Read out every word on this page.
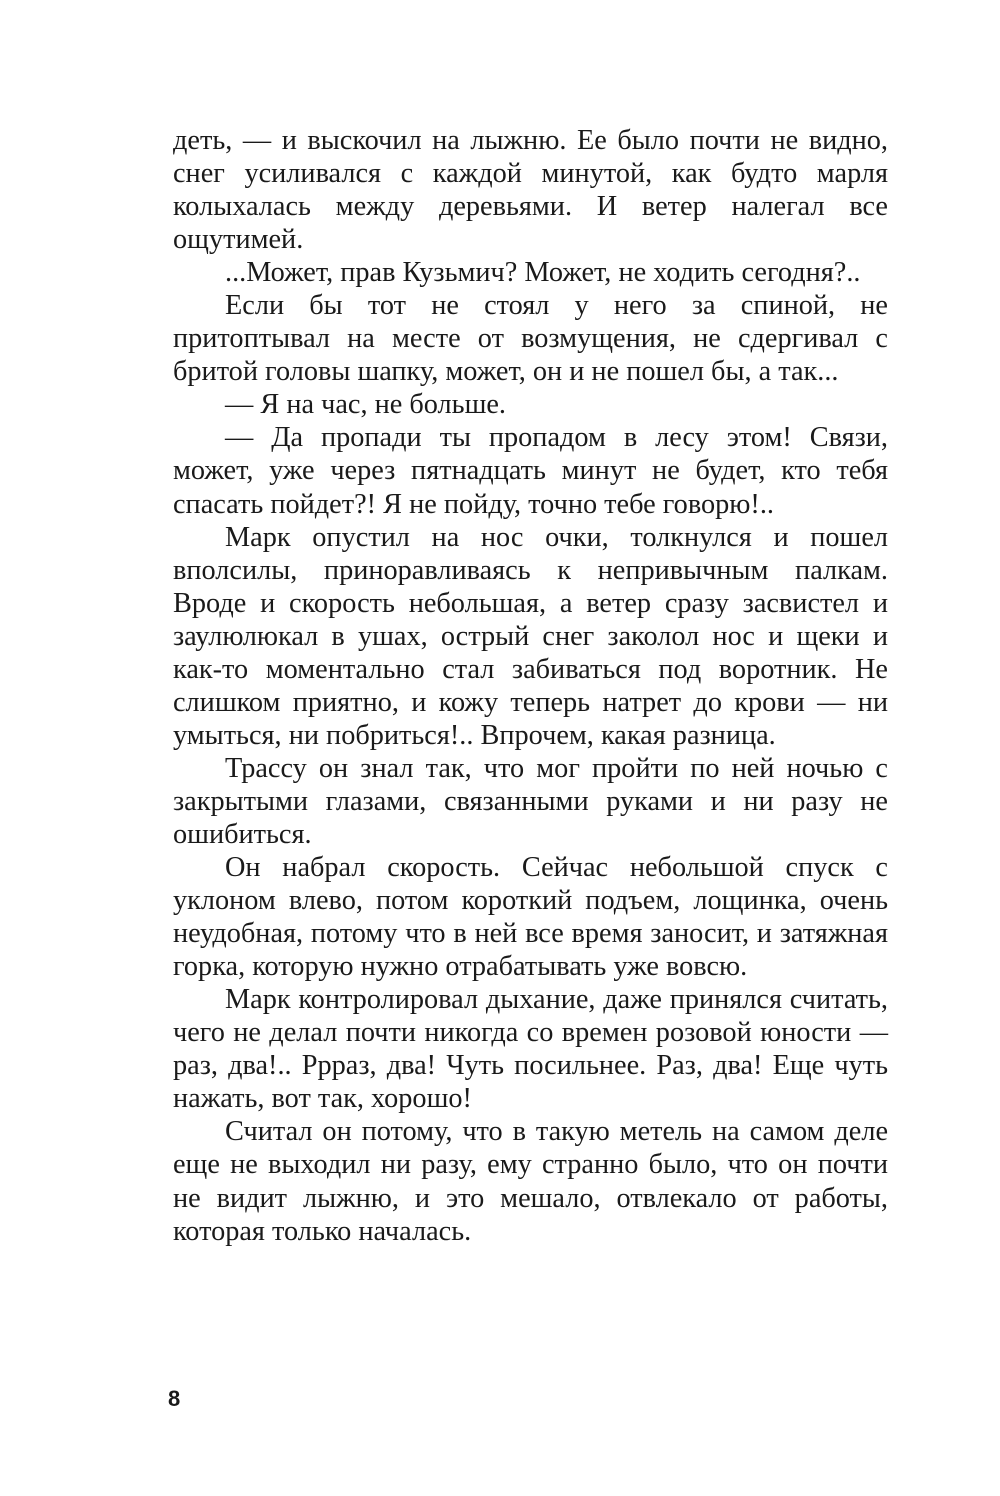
деть, — и выскочил на лыжню. Ее было почти не видно, снег усиливался с каждой минутой, как будто марля колыхалась между деревьями. И ветер налегал все ощутимей.

...Может, прав Кузьмич? Может, не ходить сегодня?..

Если бы тот не стоял у него за спиной, не притоптывал на месте от возмущения, не сдергивал с бритой головы шапку, может, он и не пошел бы, а так...

— Я на час, не больше.

— Да пропади ты пропадом в лесу этом! Связи, может, уже через пятнадцать минут не будет, кто тебя спасать пойдет?! Я не пойду, точно тебе говорю!..

Марк опустил на нос очки, толкнулся и пошел вполсилы, приноравливаясь к непривычным палкам. Вроде и скорость небольшая, а ветер сразу засвистел и заулюлюкал в ушах, острый снег заколол нос и щеки и как-то моментально стал забиваться под воротник. Не слишком приятно, и кожу теперь натрет до крови — ни умыться, ни побриться!.. Впрочем, какая разница.

Трассу он знал так, что мог пройти по ней ночью с закрытыми глазами, связанными руками и ни разу не ошибиться.

Он набрал скорость. Сейчас небольшой спуск с уклоном влево, потом короткий подъем, лощинка, очень неудобная, потому что в ней все время заносит, и затяжная горка, которую нужно отрабатывать уже вовсю.

Марк контролировал дыхание, даже принялся считать, чего не делал почти никогда со времен розовой юности — раз, два!.. Ррраз, два! Чуть посильнее. Раз, два! Еще чуть нажать, вот так, хорошо!

Считал он потому, что в такую метель на самом деле еще не выходил ни разу, ему странно было, что он почти не видит лыжню, и это мешало, отвлекало от работы, которая только началась.

8
